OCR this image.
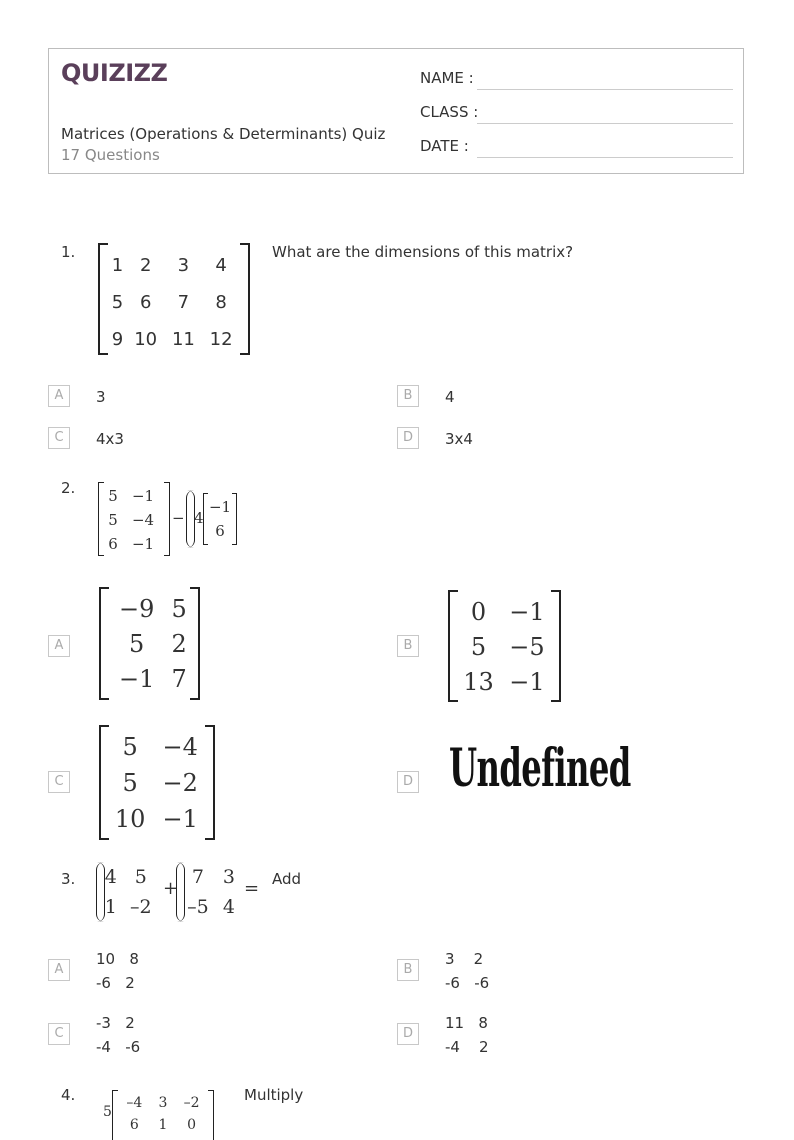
QUIZIZZ
Matrices (Operations & Determinants) Quiz
17 Questions
NAME :
CLASS :
DATE :
1.
1	2	3	4
5	6	7	8
9	10	11	12
What are the dimensions of this matrix?
A	3	B	4
C	4x3	D	3x4
2. 5	−1
5	−4
6	−1
− 4
−1
6
A
−9	5
5	2
−1	7
B
0	−1
5	−5
13	−1
C
5	−4
5	−2
10	−1
D Undefined
3. 4	5
1	–2
+
7	3
–5	4
= Add
A
10   8
-6   2
B
3    2
-6   -6
C
-3   2
-4   -6
D
11   8
-4    2
4.
5
–4	3	–2
6	1	0
Multiply
